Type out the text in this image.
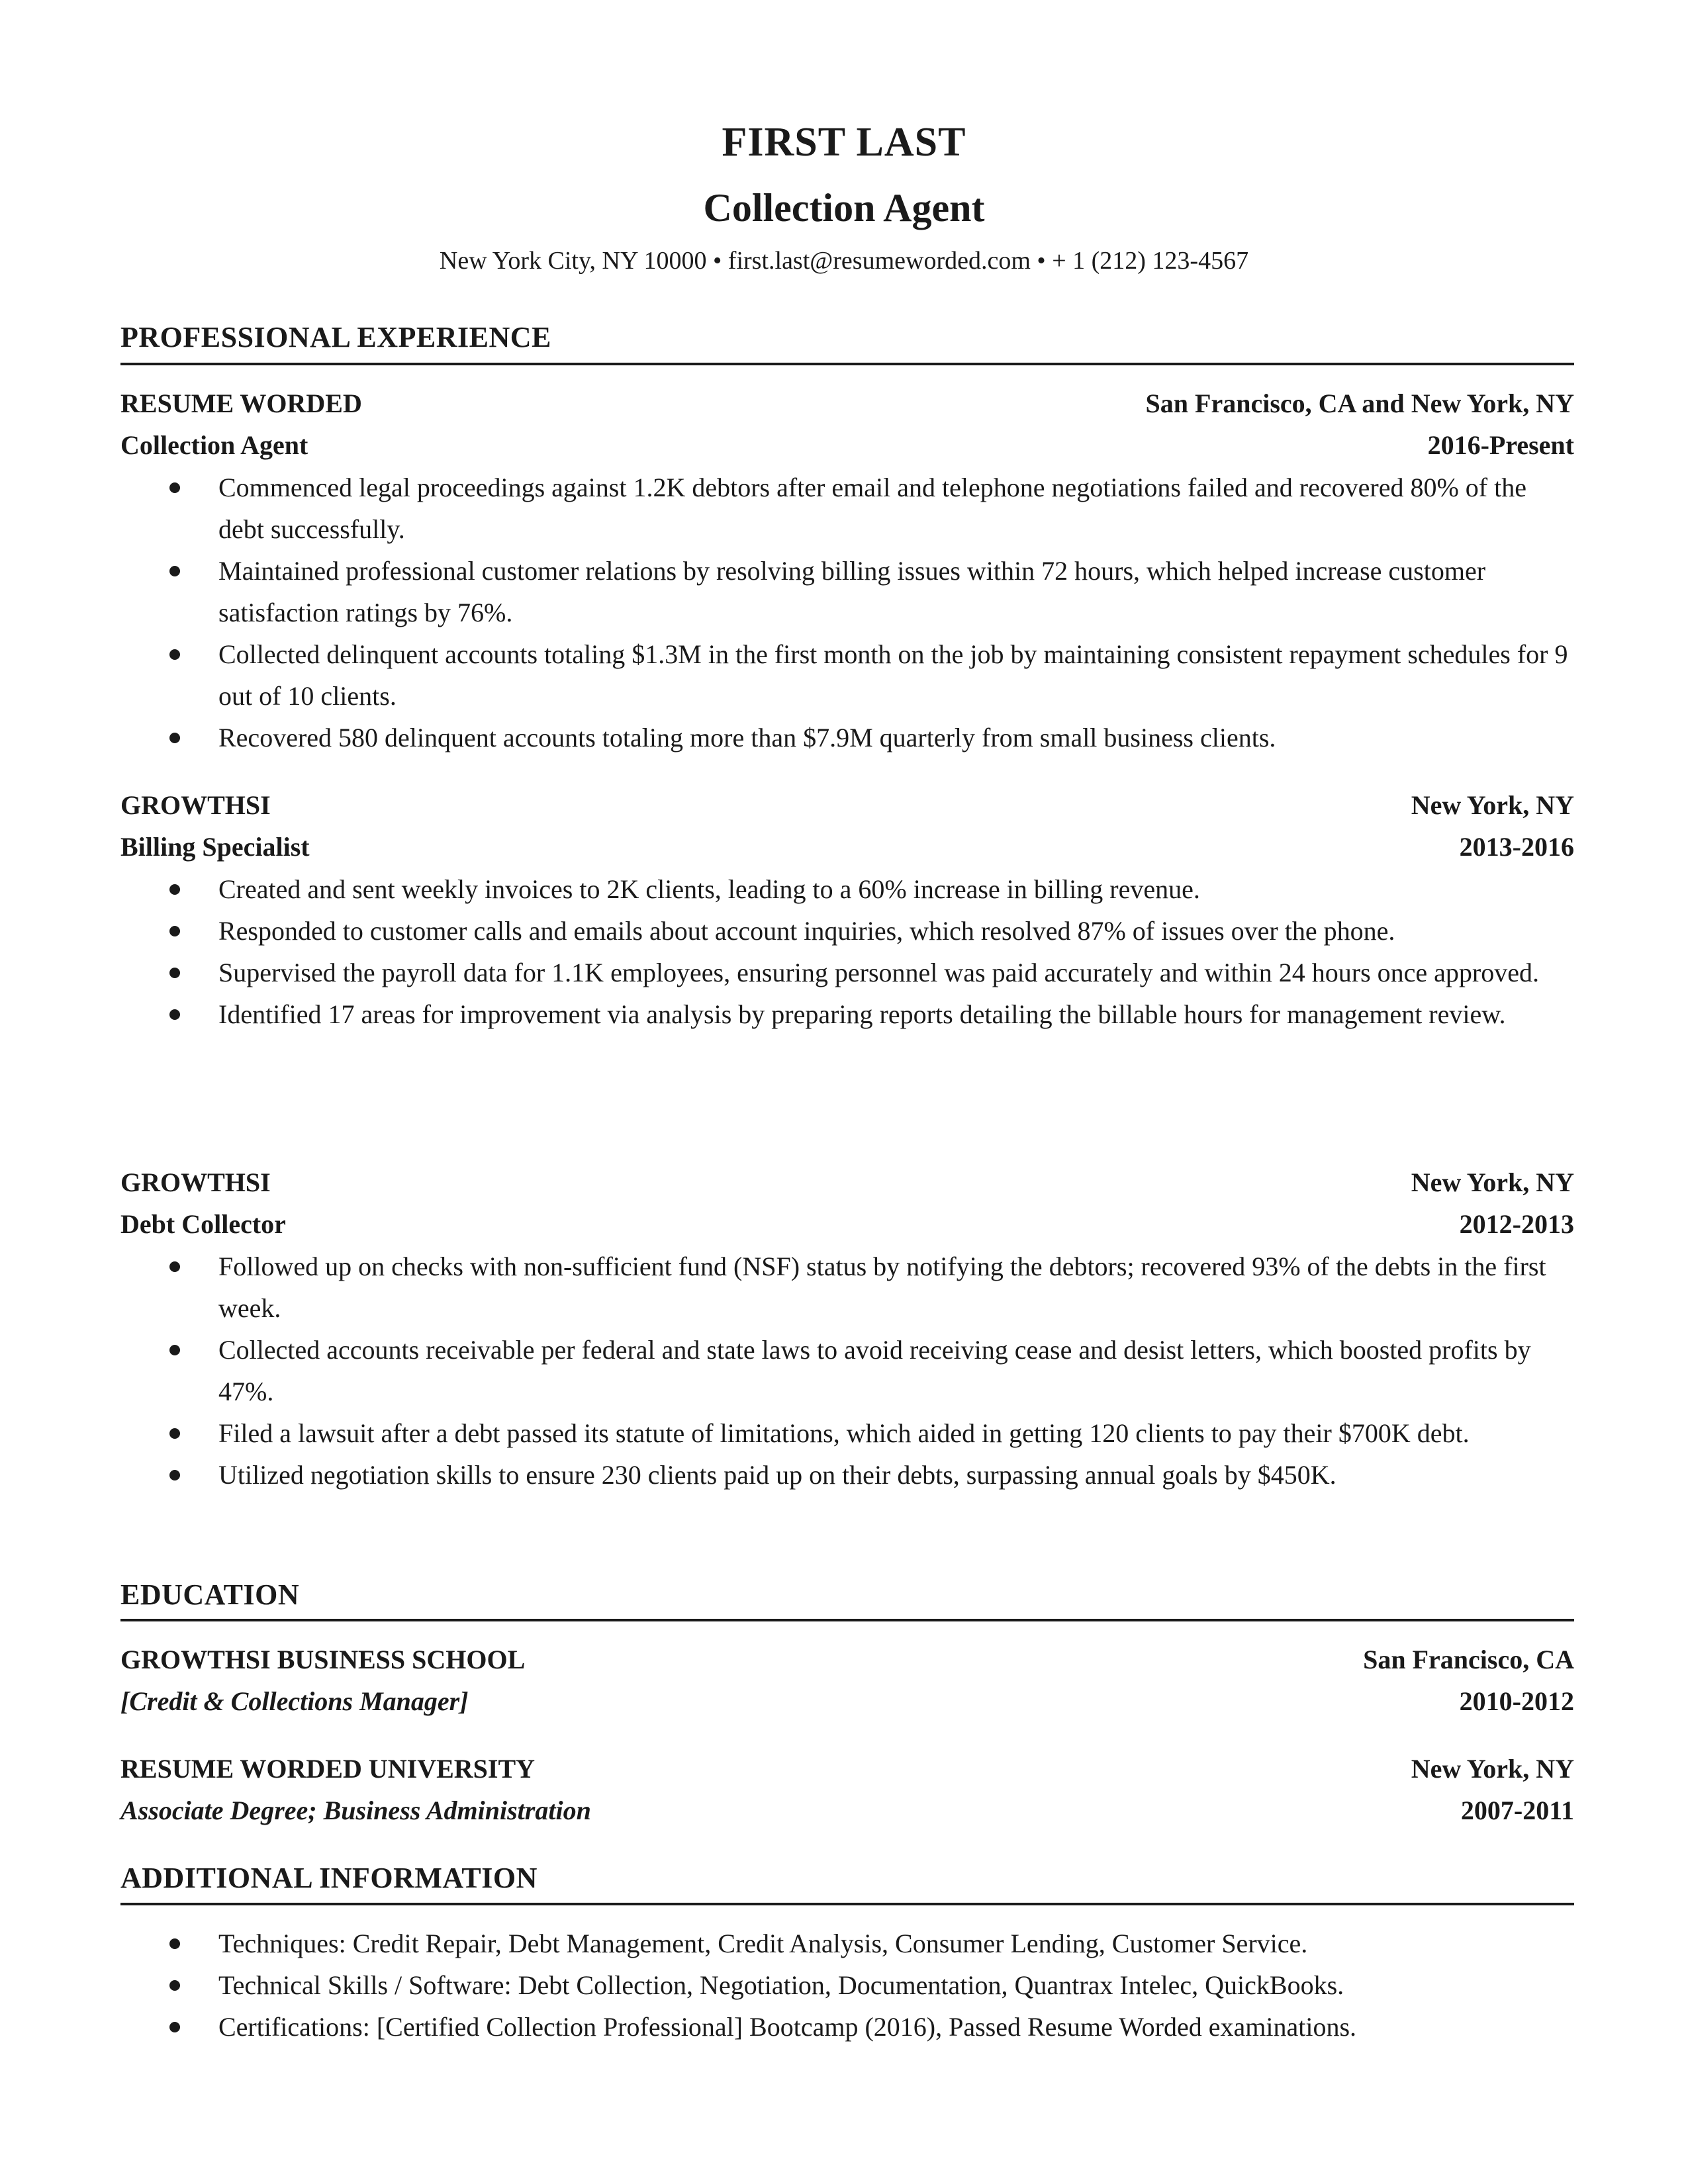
FIRST LAST
Collection Agent
New York City, NY 10000 • first.last@resumeworded.com • + 1 (212) 123-4567
PROFESSIONAL EXPERIENCE
RESUME WORDED	San Francisco, CA and New York, NY
Collection Agent	2016-Present
Commenced legal proceedings against 1.2K debtors after email and telephone negotiations failed and recovered 80% of the debt successfully.
Maintained professional customer relations by resolving billing issues within 72 hours, which helped increase customer satisfaction ratings by 76%.
Collected delinquent accounts totaling $1.3M in the first month on the job by maintaining consistent repayment schedules for 9 out of 10 clients.
Recovered 580 delinquent accounts totaling more than $7.9M quarterly from small business clients.
GROWTHSI	New York, NY
Billing Specialist	2013-2016
Created and sent weekly invoices to 2K clients, leading to a 60% increase in billing revenue.
Responded to customer calls and emails about account inquiries, which resolved 87% of issues over the phone.
Supervised the payroll data for 1.1K employees, ensuring personnel was paid accurately and within 24 hours once approved.
Identified 17 areas for improvement via analysis by preparing reports detailing the billable hours for management review.
GROWTHSI	New York, NY
Debt Collector	2012-2013
Followed up on checks with non-sufficient fund (NSF) status by notifying the debtors; recovered 93% of the debts in the first week.
Collected accounts receivable per federal and state laws to avoid receiving cease and desist letters, which boosted profits by 47%.
Filed a lawsuit after a debt passed its statute of limitations, which aided in getting 120 clients to pay their $700K debt.
Utilized negotiation skills to ensure 230 clients paid up on their debts, surpassing annual goals by $450K.
EDUCATION
GROWTHSI BUSINESS SCHOOL	San Francisco, CA
[Credit & Collections Manager]	2010-2012
RESUME WORDED UNIVERSITY	New York, NY
Associate Degree; Business Administration	2007-2011
ADDITIONAL INFORMATION
Techniques: Credit Repair, Debt Management, Credit Analysis, Consumer Lending, Customer Service.
Technical Skills / Software: Debt Collection, Negotiation, Documentation, Quantrax Intelec, QuickBooks.
Certifications: [Certified Collection Professional] Bootcamp (2016), Passed Resume Worded examinations.
